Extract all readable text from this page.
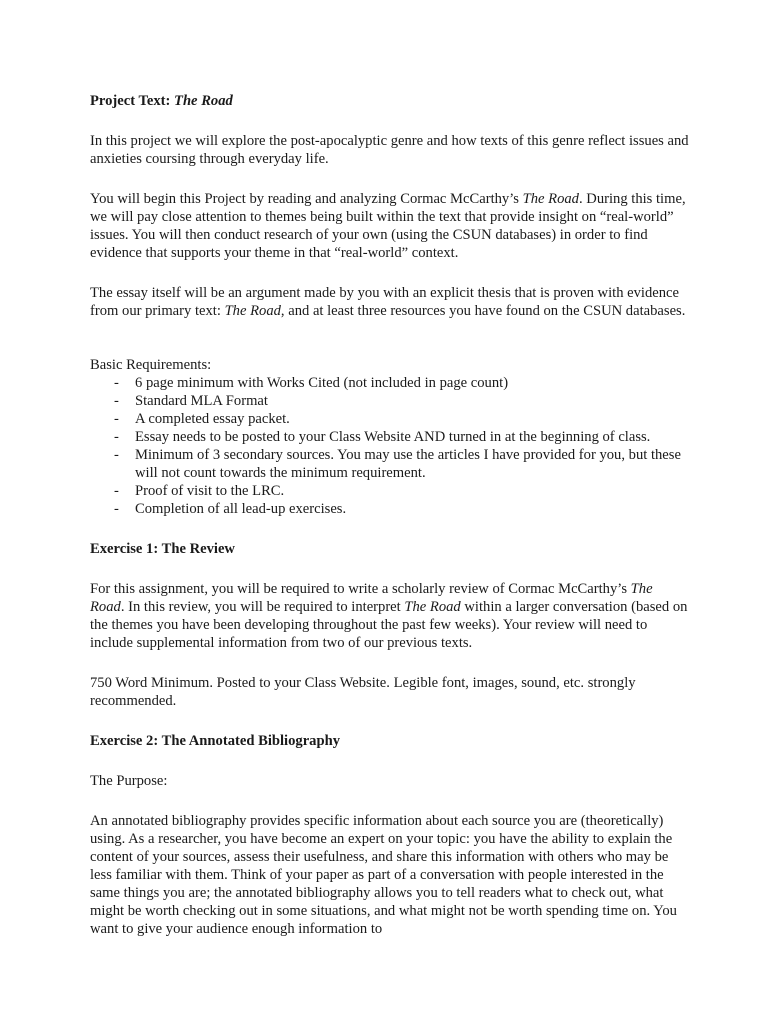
Project Text: The Road

In this project we will explore the post-apocalyptic genre and how texts of this genre reflect issues and anxieties coursing through everyday life.

You will begin this Project by reading and analyzing Cormac McCarthy’s The Road. During this time, we will pay close attention to themes being built within the text that provide insight on “real-world” issues. You will then conduct research of your own (using the CSUN databases) in order to find evidence that supports your theme in that “real-world” context.

The essay itself will be an argument made by you with an explicit thesis that is proven with evidence from our primary text: The Road, and at least three resources you have found on the CSUN databases.

Basic Requirements:

- 6 page minimum with Works Cited (not included in page count)
- Standard MLA Format
- A completed essay packet.
- Essay needs to be posted to your Class Website AND turned in at the beginning of class.
- Minimum of 3 secondary sources. You may use the articles I have provided for you, but these will not count towards the minimum requirement.
- Proof of visit to the LRC.
- Completion of all lead-up exercises.
Exercise 1: The Review

For this assignment, you will be required to write a scholarly review of Cormac McCarthy’s The Road. In this review, you will be required to interpret The Road within a larger conversation (based on the themes you have been developing throughout the past few weeks). Your review will need to include supplemental information from two of our previous texts.

750 Word Minimum. Posted to your Class Website. Legible font, images, sound, etc. strongly recommended.

Exercise 2: The Annotated Bibliography

The Purpose:

An annotated bibliography provides specific information about each source you are (theoretically) using. As a researcher, you have become an expert on your topic: you have the ability to explain the content of your sources, assess their usefulness, and share this information with others who may be less familiar with them. Think of your paper as part of a conversation with people interested in the same things you are; the annotated bibliography allows you to tell readers what to check out, what might be worth checking out in some situations, and what might not be worth spending time on. You want to give your audience enough information to
